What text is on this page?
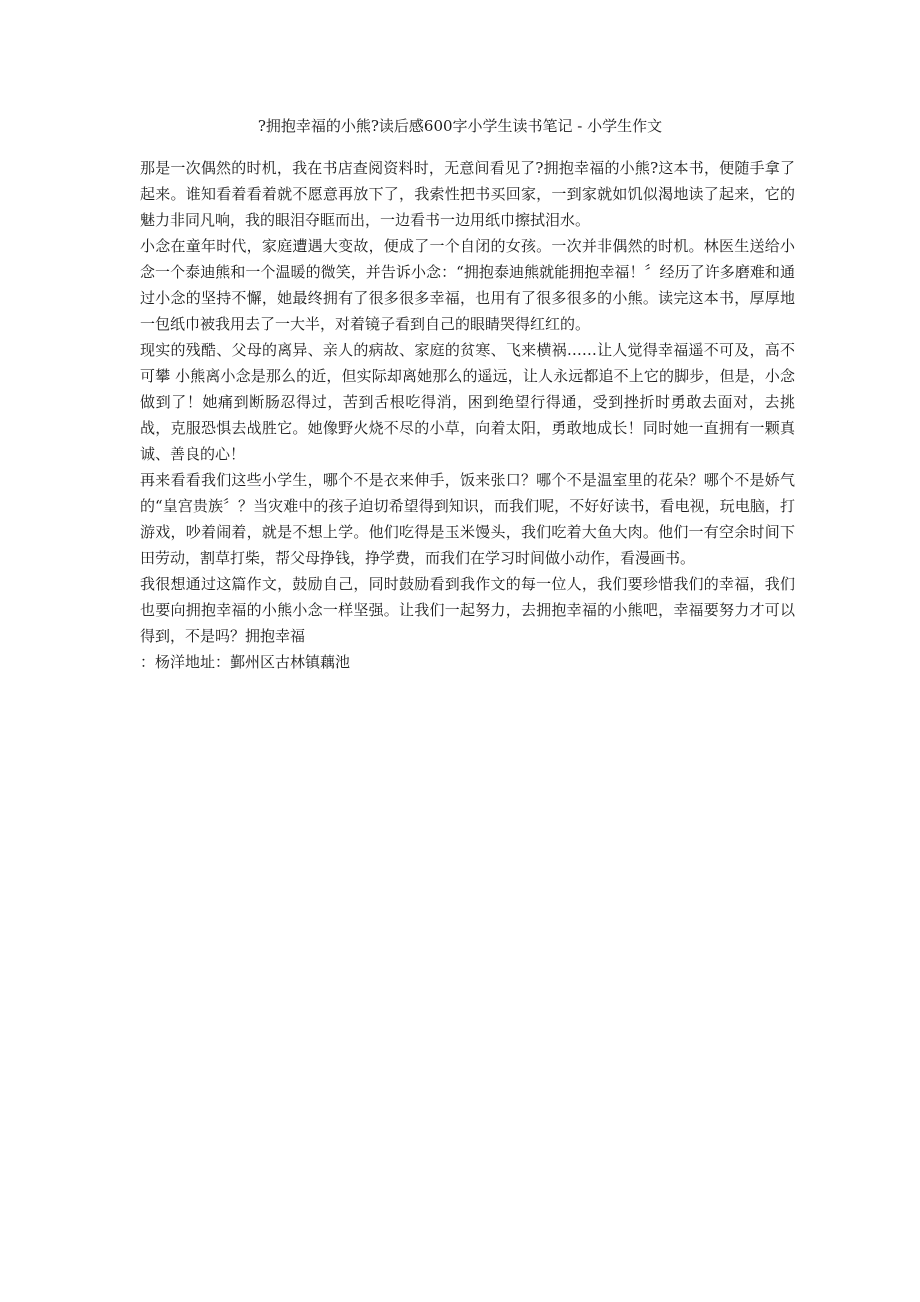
?拥抱幸福的小熊?读后感600字小学生读书笔记 - 小学生作文

那是一次偶然的时机，我在书店查阅资料时，无意间看见了?拥抱幸福的小熊?这本书，便随手拿了起来。谁知看着看着就不愿意再放下了，我索性把书买回家，一到家就如饥似渴地读了起来，它的魅力非同凡响，我的眼泪夺眶而出，一边看书一边用纸巾擦拭泪水。

小念在童年时代，家庭遭遇大变故，便成了一个自闭的女孩。一次并非偶然的时机。林医生送给小念一个泰迪熊和一个温暖的微笑，并告诉小念：“拥抱泰迪熊就能拥抱幸福！〞经历了许多磨难和通过小念的坚持不懈，她最终拥有了很多很多幸福，也用有了很多很多的小熊。读完这本书，厚厚地一包纸巾被我用去了一大半，对着镜子看到自己的眼睛哭得红红的。

现实的残酷、父母的离异、亲人的病故、家庭的贫寒、飞来横祸……让人觉得幸福遥不可及，高不可攀 小熊离小念是那么的近，但实际却离她那么的遥远，让人永远都追不上它的脚步，但是，小念做到了！她痛到断肠忍得过，苦到舌根吃得消，困到绝望行得通，受到挫折时勇敢去面对，去挑战，克服恐惧去战胜它。她像野火烧不尽的小草，向着太阳，勇敢地成长！同时她一直拥有一颗真诚、善良的心！

再来看看我们这些小学生，哪个不是衣来伸手，饭来张口？哪个不是温室里的花朵？哪个不是娇气的“皇宫贵族〞？当灾难中的孩子迫切希望得到知识，而我们呢，不好好读书，看电视，玩电脑，打游戏，吵着闹着，就是不想上学。他们吃得是玉米馒头，我们吃着大鱼大肉。他们一有空余时间下田劳动，割草打柴，帮父母挣钱，挣学费，而我们在学习时间做小动作，看漫画书。

我很想通过这篇作文，鼓励自己，同时鼓励看到我作文的每一位人，我们要珍惜我们的幸福，我们也要向拥抱幸福的小熊小念一样坚强。让我们一起努力，去拥抱幸福的小熊吧，幸福要努力才可以得到，不是吗？拥抱幸福

：杨洋地址：鄞州区古林镇藕池
